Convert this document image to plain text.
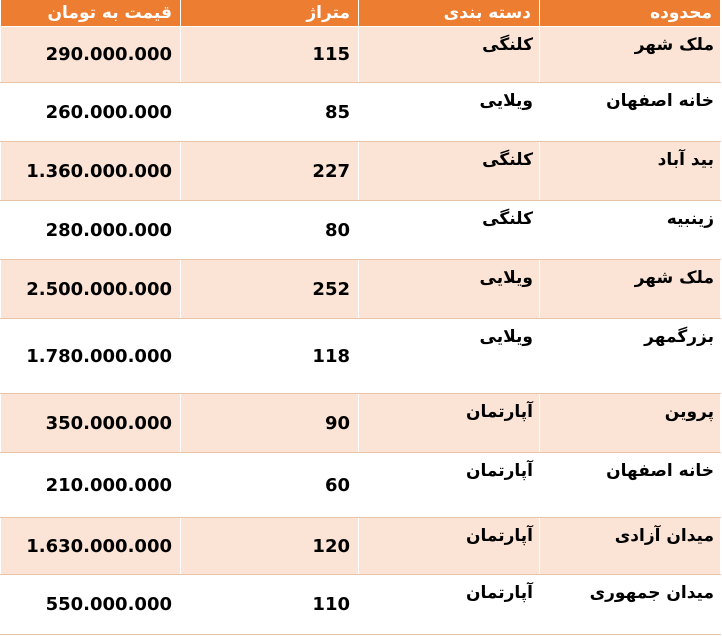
قیمت به تومان	متراژ	دسته بندی	محدوده
290.000.000	115	کلنگی	ملک شهر
260.000.000	85	ویلایی	خانه اصفهان
1.360.000.000	227	کلنگی	بید آباد
280.000.000	80	کلنگی	زینبیه
2.500.000.000	252	ویلایی	ملک شهر
1.780.000.000	118	ویلایی	بزرگمهر
350.000.000	90	آپارتمان	پروین
210.000.000	60	آپارتمان	خانه اصفهان
1.630.000.000	120	آپارتمان	میدان آزادی
550.000.000	110	آپارتمان	میدان جمهوری
